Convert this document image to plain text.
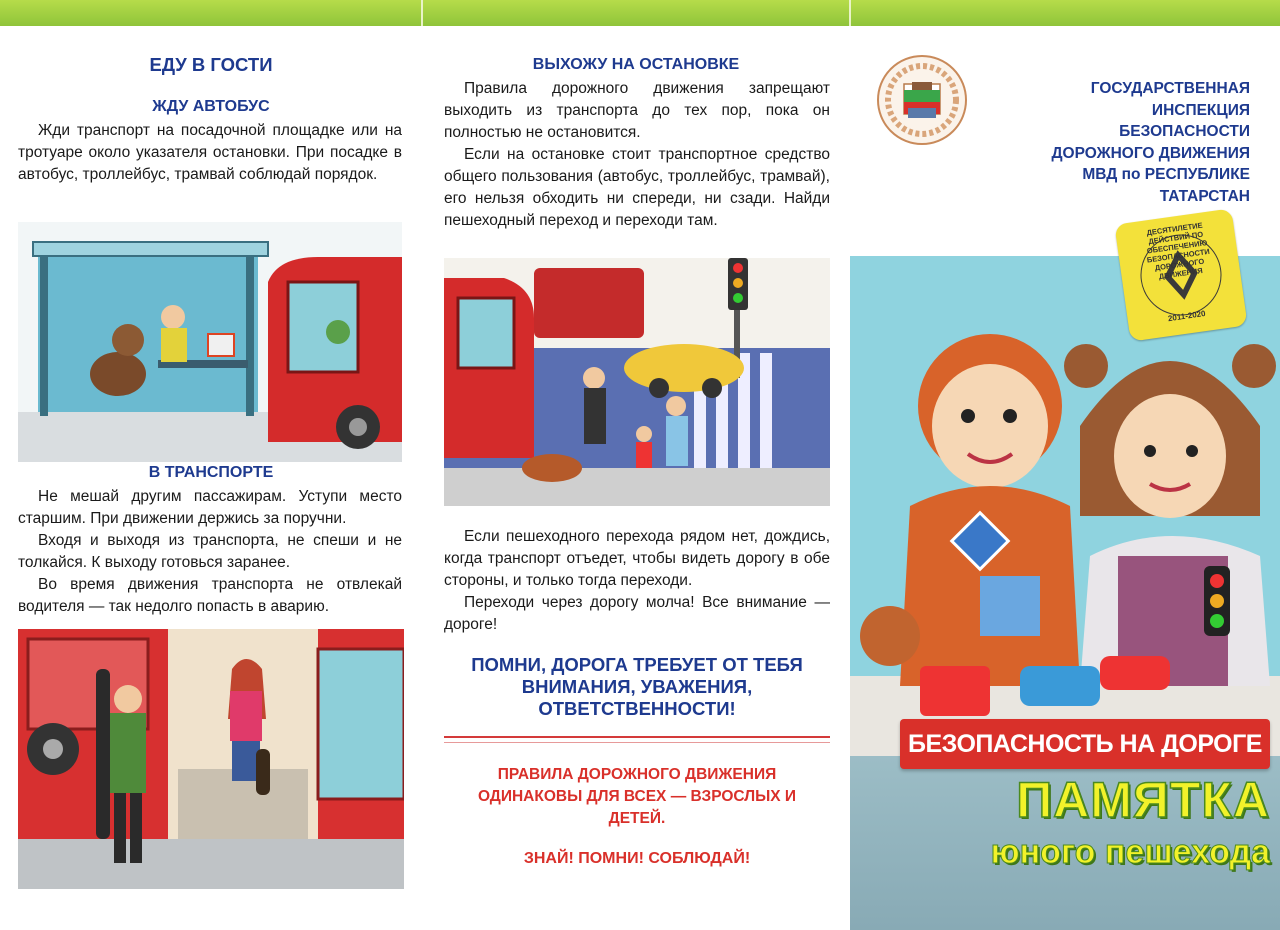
ЕДУ В ГОСТИ
ЖДУ АВТОБУС

Жди транспорт на посадочной площадке или на тротуаре около указателя остановки. При посадке в автобус, троллейбус, трамвай соблюдай порядок.

В ТРАНСПОРТЕ

Не мешай другим пассажирам. Уступи место старшим. При движении держись за поручни.

Входя и выходя из транспорта, не спеши и не толкайся. К выходу готовься заранее.

Во время движения транспорта не отвлекай водителя — так недолго попасть в аварию.

ВЫХОЖУ НА ОСТАНОВКЕ

Правила дорожного движения запрещают выходить из транспорта до тех пор, пока он полностью не остановится.

Если на остановке стоит транспортное средство общего пользования (автобус, троллейбус, трамвай), его нельзя обходить ни спереди, ни сзади. Найди пешеходный переход и переходи там.

Если пешеходного перехода рядом нет, дождись, когда транспорт отъедет, чтобы видеть дорогу в обе стороны, и только тогда переходи.

Переходи через дорогу молча! Все внимание — дороге!

ПОМНИ, ДОРОГА ТРЕБУЕТ ОТ ТЕБЯ ВНИМАНИЯ, УВАЖЕНИЯ, ОТВЕТСТВЕННОСТИ!
ПРАВИЛА ДОРОЖНОГО ДВИЖЕНИЯ ОДИНАКОВЫ ДЛЯ ВСЕХ — ВЗРОСЛЫХ И ДЕТЕЙ.
ЗНАЙ! ПОМНИ! СОБЛЮДАЙ!
ГОСУДАРСТВЕННАЯ
ИНСПЕКЦИЯ
БЕЗОПАСНОСТИ
ДОРОЖНОГО ДВИЖЕНИЯ
МВД по РЕСПУБЛИКЕ
ТАТАРСТАН
ДЕСЯТИЛЕТИЕ ДЕЙСТВИЙ ПО ОБЕСПЕЧЕНИЮ БЕЗОПАСНОСТИ ДОРОЖНОГО ДВИЖЕНИЯ
2011-2020
БЕЗОПАСНОСТЬ НА ДОРОГЕ
ПАМЯТКА
юного пешехода
